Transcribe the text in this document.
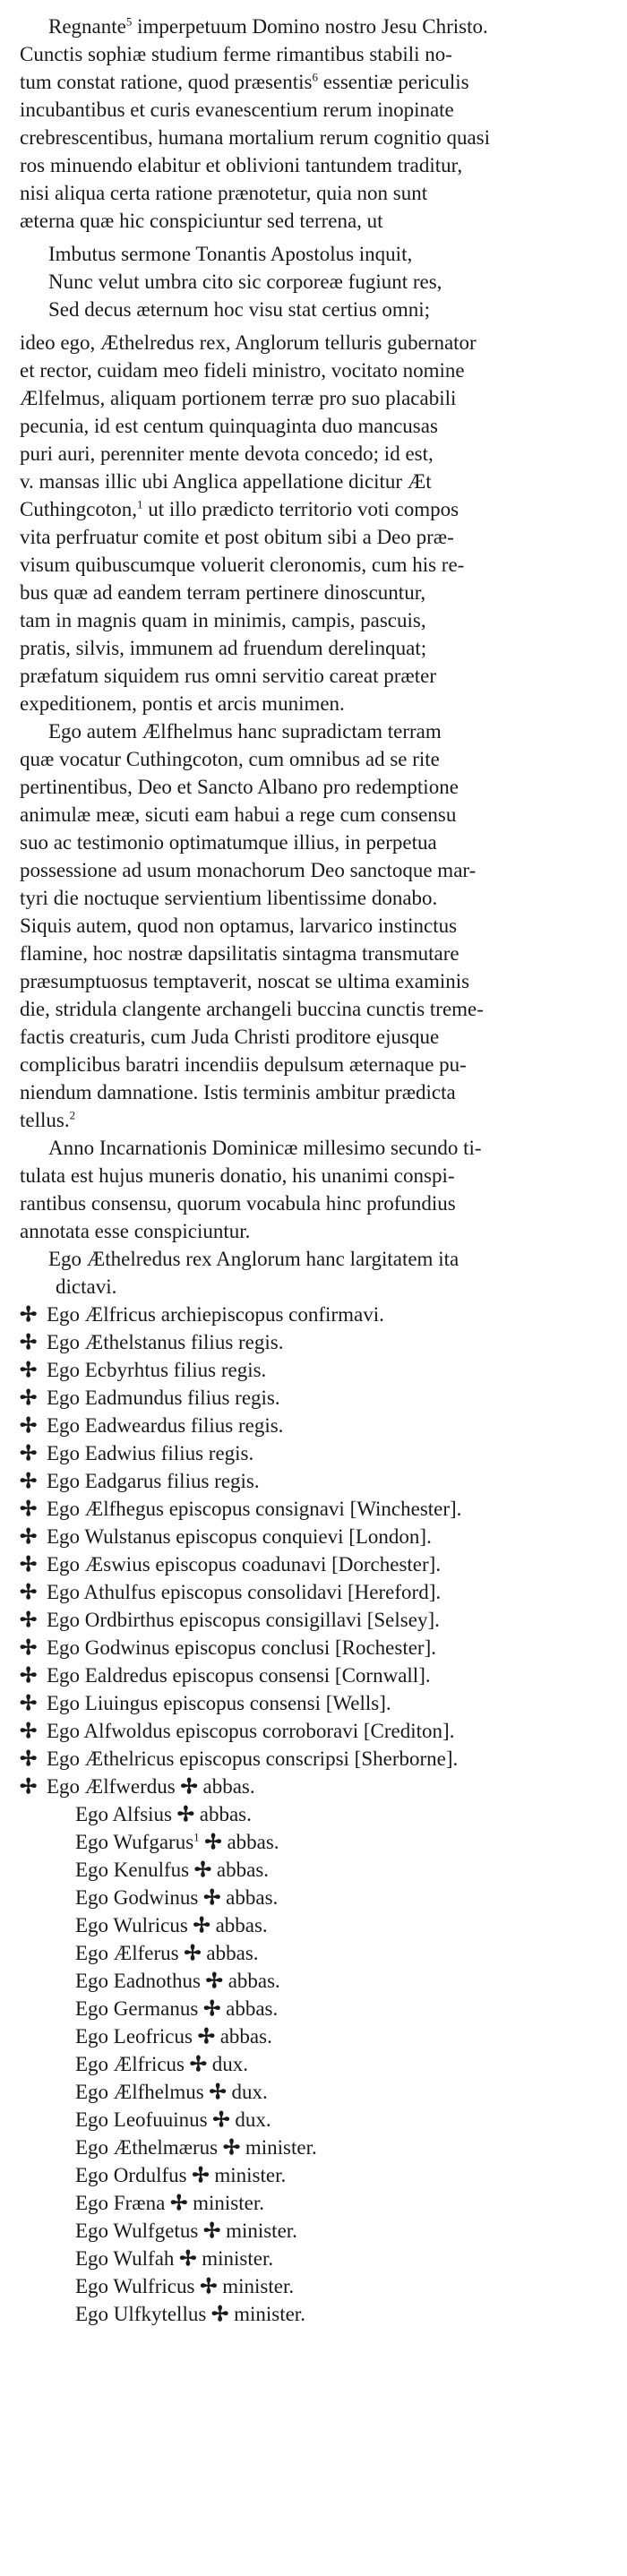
Regnante$^5$ imperpetuum Domino nostro Jesu Christo.
Cunctis sophiæ studium ferme rimantibus stabili no-
tum constat ratione, quod præsentis$^6$ essentiæ periculis
incubantibus et curis evanescentium rerum inopinate
crebrescentibus, humana mortalium rerum cognitio quasi
ros minuendo elabitur et oblivioni tantundem traditur,
nisi aliqua certa ratione prænotetur, quia non sunt
æterna quæ hic conspiciuntur sed terrena, ut

Imbutus sermone Tonantis Apostolus inquit,
Nunc velut umbra cito sic corporeæ fugiunt res,
Sed decus æternum hoc visu stat certius omni;

ideo ego, Æthelredus rex, Anglorum telluris gubernator
et rector, cuidam meo fideli ministro, vocitato nomine
Ælfelmus, aliquam portionem terræ pro suo placabili
pecunia, id est centum quinquaginta duo mancusas
puri auri, perenniter mente devota concedo; id est,
v. mansas illic ubi Anglica appellatione dicitur Æt
Cuthingcoton,$^1$ ut illo prædicto territorio voti compos
vita perfruatur comite et post obitum sibi a Deo præ-
visum quibuscumque voluerit cleronomis, cum his re-
bus quæ ad eandem terram pertinere dinoscuntur,
tam in magnis quam in minimis, campis, pascuis,
pratis, silvis, immunem ad fruendum derelinquat;
præfatum siquidem rus omni servitio careat præter
expeditionem, pontis et arcis munimen.

Ego autem Ælfhelmus hanc supradictam terram
quæ vocatur Cuthingcoton, cum omnibus ad se rite
pertinentibus, Deo et Sancto Albano pro redemptione
animulæ meæ, sicuti eam habui a rege cum consensu
suo ac testimonio optimatumque illius, in perpetua
possessione ad usum monachorum Deo sanctoque mar-
tyri die noctuque servientium libentissime donabo.
Siquis autem, quod non optamus, larvarico instinctus
flamine, hoc nostræ dapsilitatis sintagma transmutare
præsumptuosus temptaverit, noscat se ultima examinis
die, stridula clangente archangeli buccina cunctis treme-
factis creaturis, cum Juda Christi proditore ejusque
complicibus baratri incendiis depulsum æternaque pu-
niendum damnatione. Istis terminis ambitur prædicta
tellus.$^2$

Anno Incarnationis Dominicæ millesimo secundo ti-
tulata est hujus muneris donatio, his unanimi conspi-
rantibus consensu, quorum vocabula hinc profundius
annotata esse conspiciuntur.

Ego Æthelredus rex Anglorum hanc largitatem ita
dictavi.
✢ Ego Ælfricus archiepiscopus confirmavi.
✢ Ego Æthelstanus filius regis.
✢ Ego Ecbyrhtus filius regis.
✢ Ego Eadmundus filius regis.
✢ Ego Eadweardus filius regis.
✢ Ego Eadwius filius regis.
✢ Ego Eadgarus filius regis.
✢ Ego Ælfhegus episcopus consignavi [Winchester].
✢ Ego Wulstanus episcopus conquievi [London].
✢ Ego Æswius episcopus coadunavi [Dorchester].
✢ Ego Athulfus episcopus consolidavi [Hereford].
✢ Ego Ordbirthus episcopus consigillavi [Selsey].
✢ Ego Godwinus episcopus conclusi [Rochester].
✢ Ego Ealdredus episcopus consensi [Cornwall].
✢ Ego Liuingus episcopus consensi [Wells].
✢ Ego Alfwoldus episcopus corroboravi [Crediton].
✢ Ego Æthelricus episcopus conscripsi [Sherborne].
✢ Ego Ælfwerdus ✢ abbas.
Ego Alfsius ✢ abbas.
Ego Wufgarus$^1$ ✢ abbas.
Ego Kenulfus ✢ abbas.
Ego Godwinus ✢ abbas.
Ego Wulricus ✢ abbas.
Ego Ælferus ✢ abbas.
Ego Eadnothus ✢ abbas.
Ego Germanus ✢ abbas.
Ego Leofricus ✢ abbas.
Ego Ælfricus ✢ dux.
Ego Ælfhelmus ✢ dux.
Ego Leofuuinus ✢ dux.
Ego Æthelmærus ✢ minister.
Ego Ordulfus ✢ minister.
Ego Fræna ✢ minister.
Ego Wulfgetus ✢ minister.
Ego Wulfah ✢ minister.
Ego Wulfricus ✢ minister.
Ego Ulfkytellus ✢ minister.
